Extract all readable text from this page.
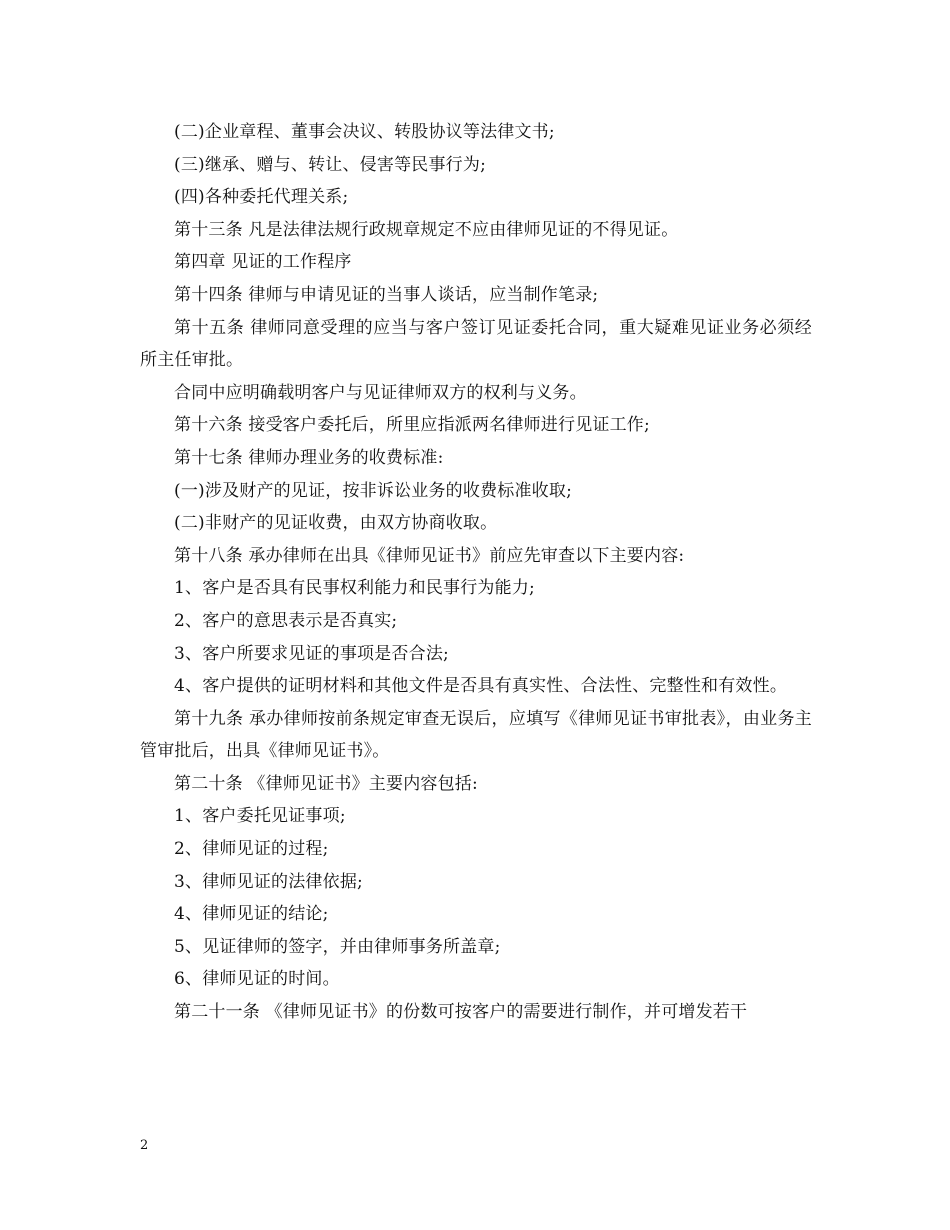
(二)企业章程、董事会决议、转股协议等法律文书;

(三)继承、赠与、转让、侵害等民事行为;

(四)各种委托代理关系;

第十三条 凡是法律法规行政规章规定不应由律师见证的不得见证。

第四章 见证的工作程序

第十四条 律师与申请见证的当事人谈话，应当制作笔录;

第十五条 律师同意受理的应当与客户签订见证委托合同，重大疑难见证业务必须经所主任审批。

合同中应明确载明客户与见证律师双方的权利与义务。

第十六条 接受客户委托后，所里应指派两名律师进行见证工作;

第十七条 律师办理业务的收费标准:

(一)涉及财产的见证，按非诉讼业务的收费标准收取;

(二)非财产的见证收费，由双方协商收取。

第十八条 承办律师在出具《律师见证书》前应先审查以下主要内容:

1、客户是否具有民事权利能力和民事行为能力;

2、客户的意思表示是否真实;

3、客户所要求见证的事项是否合法;

4、客户提供的证明材料和其他文件是否具有真实性、合法性、完整性和有效性。

第十九条 承办律师按前条规定审查无误后，应填写《律师见证书审批表》，由业务主管审批后，出具《律师见证书》。

第二十条 《律师见证书》主要内容包括:

1、客户委托见证事项;

2、律师见证的过程;

3、律师见证的法律依据;

4、律师见证的结论;

5、见证律师的签字，并由律师事务所盖章;

6、律师见证的时间。

第二十一条 《律师见证书》的份数可按客户的需要进行制作，并可增发若干

2
